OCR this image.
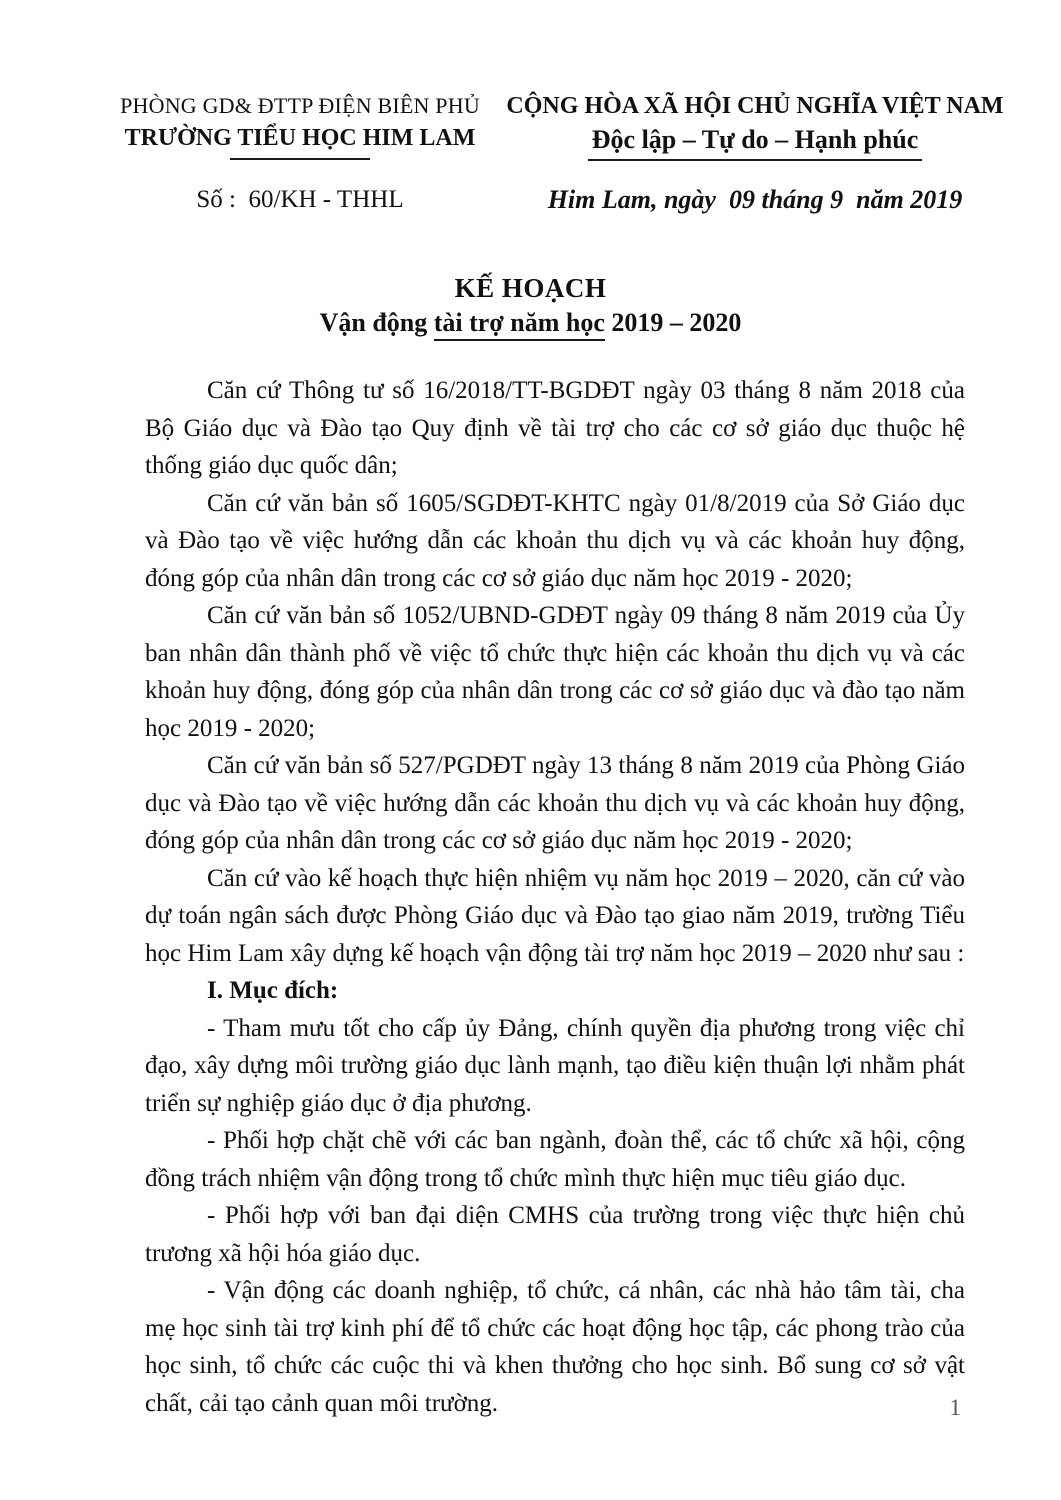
PHÒNG GD& ĐTTP ĐIỆN BIÊN PHỦ
TRƯỜNG TIỂU HỌC HIM LAM
CỘNG HÒA XÃ HỘI CHỦ NGHĨA VIỆT NAM
Độc lập – Tự do – Hạnh phúc
Số :  60/KH - THHL	Him Lam, ngày  09 tháng 9  năm 2019
KẾ HOẠCH
Vận động tài trợ năm học 2019 – 2020

Căn cứ Thông tư số 16/2018/TT-BGDĐT ngày 03 tháng 8 năm 2018 của Bộ Giáo dục và Đào tạo Quy định về tài trợ cho các cơ sở giáo dục thuộc hệ thống giáo dục quốc dân;

Căn cứ văn bản số 1605/SGDĐT-KHTC ngày 01/8/2019 của Sở Giáo dục và Đào tạo về việc hướng dẫn các khoản thu dịch vụ và các khoản huy động, đóng góp của nhân dân trong các cơ sở giáo dục năm học 2019 - 2020;

Căn cứ văn bản số 1052/UBND-GDĐT ngày 09 tháng 8 năm 2019 của Ủy ban nhân dân thành phố về việc tổ chức thực hiện các khoản thu dịch vụ và các khoản huy động, đóng góp của nhân dân trong các cơ sở giáo dục và đào tạo năm học 2019 - 2020;

Căn cứ văn bản số 527/PGDĐT ngày 13 tháng 8 năm 2019 của Phòng Giáo dục và Đào tạo về việc hướng dẫn các khoản thu dịch vụ và các khoản huy động, đóng góp của nhân dân trong các cơ sở giáo dục năm học 2019 - 2020;

Căn cứ vào kế hoạch thực hiện nhiệm vụ năm học 2019 – 2020, căn cứ vào dự toán ngân sách được Phòng Giáo dục và Đào tạo giao năm 2019, trường Tiểu học Him Lam xây dựng kế hoạch vận động tài trợ năm học 2019 – 2020 như sau :

I. Mục đích:

- Tham mưu tốt cho cấp ủy Đảng, chính quyền địa phương trong việc chỉ đạo, xây dựng môi trường giáo dục lành mạnh, tạo điều kiện thuận lợi nhằm phát triển sự nghiệp giáo dục ở địa phương.

- Phối hợp chặt chẽ với các ban ngành, đoàn thể, các tổ chức xã hội, cộng đồng trách nhiệm vận động trong tổ chức mình thực hiện mục tiêu giáo dục.

- Phối hợp với ban đại diện CMHS của trường trong việc thực hiện chủ trương xã hội hóa giáo dục.

- Vận động các doanh nghiệp, tổ chức, cá nhân, các nhà hảo tâm tài, cha mẹ học sinh tài trợ kinh phí để tổ chức các hoạt động học tập, các phong trào của học sinh, tổ chức các cuộc thi và khen thưởng cho học sinh. Bổ sung cơ sở vật chất, cải tạo cảnh quan môi trường.	1
